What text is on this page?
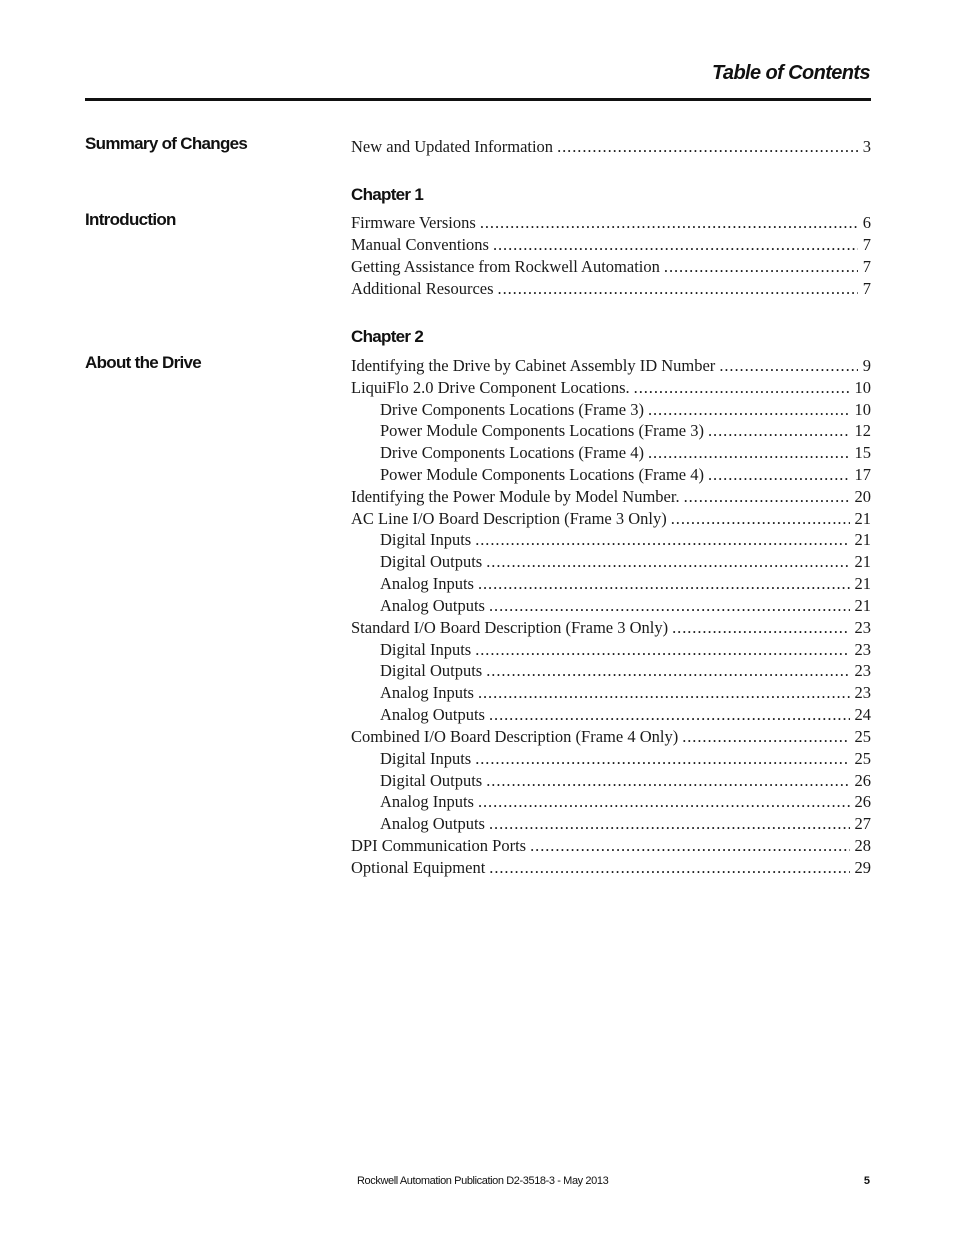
Table of Contents
Summary of Changes	New and Updated Information . . .	3
Chapter 1
Introduction	Firmware Versions . . .	6
Manual Conventions . . .	7
Getting Assistance from Rockwell Automation . . .	7
Additional Resources . . .	7
Chapter 2
About the Drive	Identifying the Drive by Cabinet Assembly ID Number . . .	9
LiquiFlo 2.0 Drive Component Locations. . . .	10
Drive Components Locations (Frame 3) . . .	10
Power Module Components Locations (Frame 3) . . .	12
Drive Components Locations (Frame 4) . . .	15
Power Module Components Locations (Frame 4) . . .	17
Identifying the Power Module by Model Number. . . .	20
AC Line I/O Board Description (Frame 3 Only) . . .	21
Digital Inputs . . .	21
Digital Outputs . . .	21
Analog Inputs . . .	21
Analog Outputs . . .	21
Standard I/O Board Description (Frame 3 Only) . . .	23
Digital Inputs . . .	23
Digital Outputs . . .	23
Analog Inputs . . .	23
Analog Outputs . . .	24
Combined I/O Board Description (Frame 4 Only) . . .	25
Digital Inputs . . .	25
Digital Outputs . . .	26
Analog Inputs . . .	26
Analog Outputs . . .	27
DPI Communication Ports . . .	28
Optional Equipment . . .	29
Rockwell Automation Publication D2-3518-3 - May 2013	5
